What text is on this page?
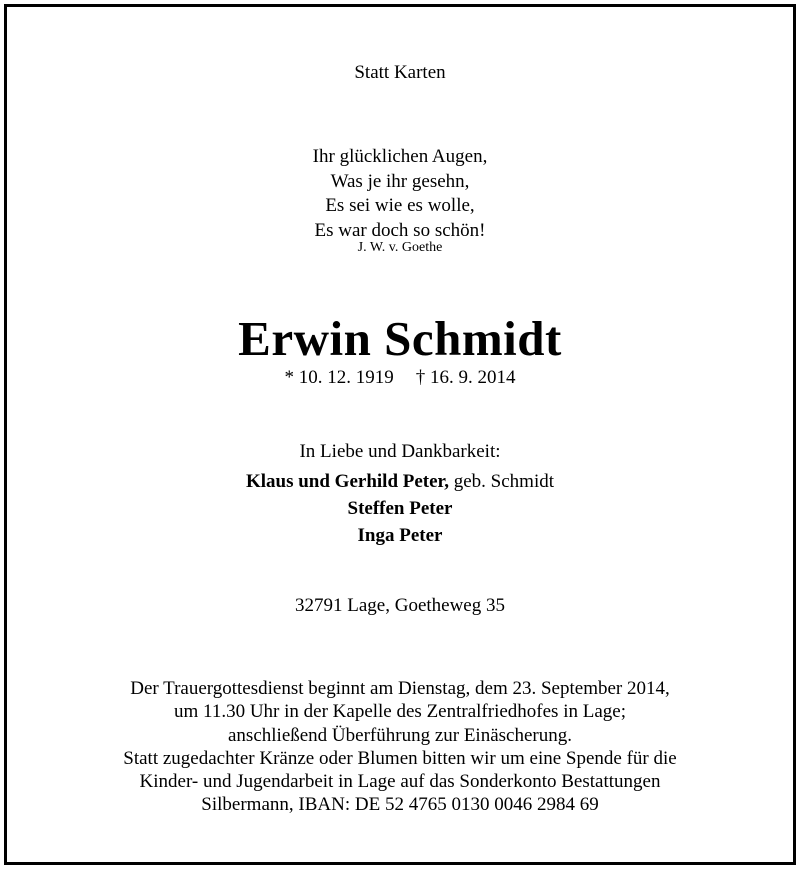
Statt Karten
Ihr glücklichen Augen,
Was je ihr gesehn,
Es sei wie es wolle,
Es war doch so schön!
J. W. v. Goethe
Erwin Schmidt
* 10. 12. 1919 † 16. 9. 2014
In Liebe und Dankbarkeit:
Klaus und Gerhild Peter, geb. Schmidt
Steffen Peter
Inga Peter
32791 Lage, Goetheweg 35
Der Trauergottesdienst beginnt am Dienstag, dem 23. September 2014,
um 11.30 Uhr in der Kapelle des Zentralfriedhofes in Lage;
anschließend Überführung zur Einäscherung.
Statt zugedachter Kränze oder Blumen bitten wir um eine Spende für die
Kinder- und Jugendarbeit in Lage auf das Sonderkonto Bestattungen
Silbermann, IBAN: DE 52 4765 0130 0046 2984 69
